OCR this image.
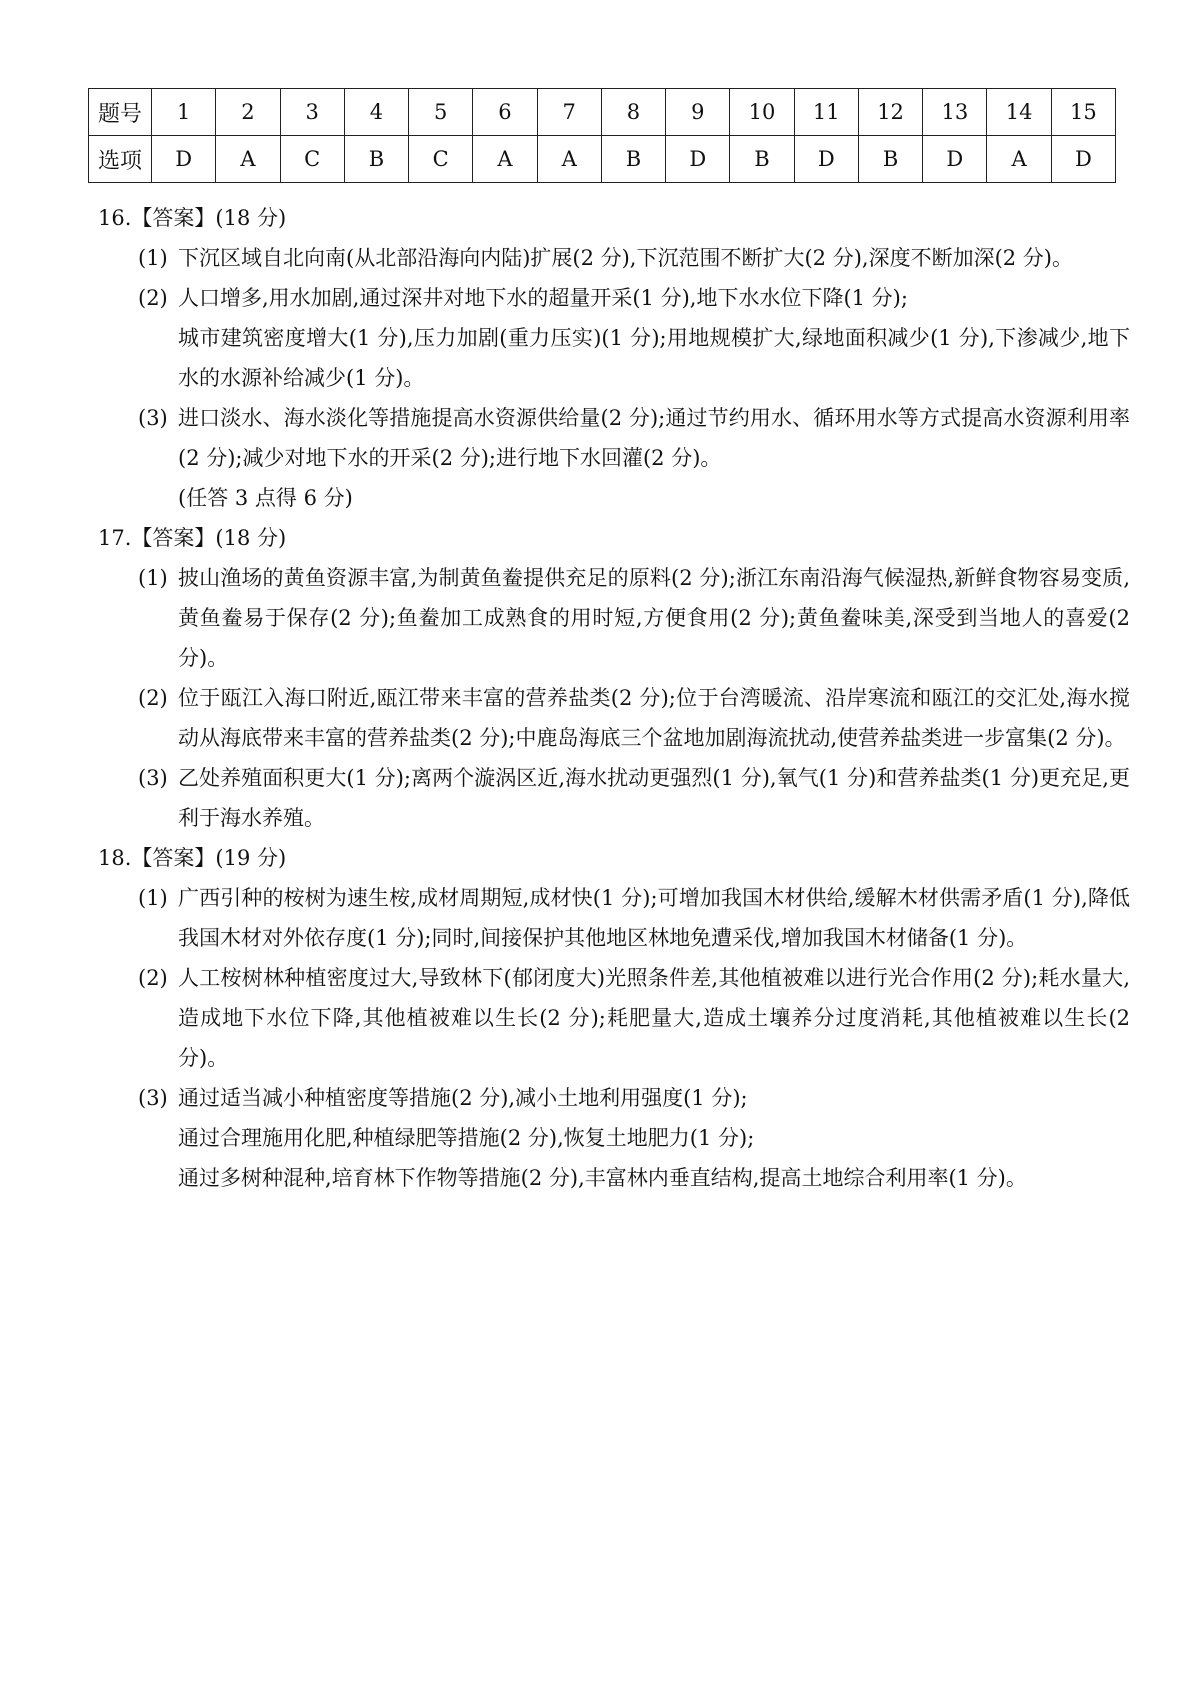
题号	1	2	3	4	5	6	7	8	9	10	11	12	13	14	15
选项	D	A	C	B	C	A	A	B	D	B	D	B	D	A	D
16.【答案】(18 分)
(1) 下沉区域自北向南(从北部沿海向内陆)扩展(2 分),下沉范围不断扩大(2 分),深度不断加深(2 分)。

(2) 人口增多,用水加剧,通过深井对地下水的超量开采(1 分),地下水水位下降(1 分);

城市建筑密度增大(1 分),压力加剧(重力压实)(1 分);用地规模扩大,绿地面积减少(1 分),下渗减少,地下水的水源补给减少(1 分)。

(3) 进口淡水、海水淡化等措施提高水资源供给量(2 分);通过节约用水、循环用水等方式提高水资源利用率(2 分);减少对地下水的开采(2 分);进行地下水回灌(2 分)。

(任答 3 点得 6 分)

17.【答案】(18 分)
(1) 披山渔场的黄鱼资源丰富,为制黄鱼鲞提供充足的原料(2 分);浙江东南沿海气候湿热,新鲜食物容易变质,黄鱼鲞易于保存(2 分);鱼鲞加工成熟食的用时短,方便食用(2 分);黄鱼鲞味美,深受到当地人的喜爱(2 分)。

(2) 位于瓯江入海口附近,瓯江带来丰富的营养盐类(2 分);位于台湾暖流、沿岸寒流和瓯江的交汇处,海水搅动从海底带来丰富的营养盐类(2 分);中鹿岛海底三个盆地加剧海流扰动,使营养盐类进一步富集(2 分)。

(3) 乙处养殖面积更大(1 分);离两个漩涡区近,海水扰动更强烈(1 分),氧气(1 分)和营养盐类(1 分)更充足,更利于海水养殖。

18.【答案】(19 分)
(1) 广西引种的桉树为速生桉,成材周期短,成材快(1 分);可增加我国木材供给,缓解木材供需矛盾(1 分),降低我国木材对外依存度(1 分);同时,间接保护其他地区林地免遭采伐,增加我国木材储备(1 分)。

(2) 人工桉树林种植密度过大,导致林下(郁闭度大)光照条件差,其他植被难以进行光合作用(2 分);耗水量大,造成地下水位下降,其他植被难以生长(2 分);耗肥量大,造成土壤养分过度消耗,其他植被难以生长(2 分)。

(3) 通过适当减小种植密度等措施(2 分),减小土地利用强度(1 分);

通过合理施用化肥,种植绿肥等措施(2 分),恢复土地肥力(1 分);

通过多树种混种,培育林下作物等措施(2 分),丰富林内垂直结构,提高土地综合利用率(1 分)。
